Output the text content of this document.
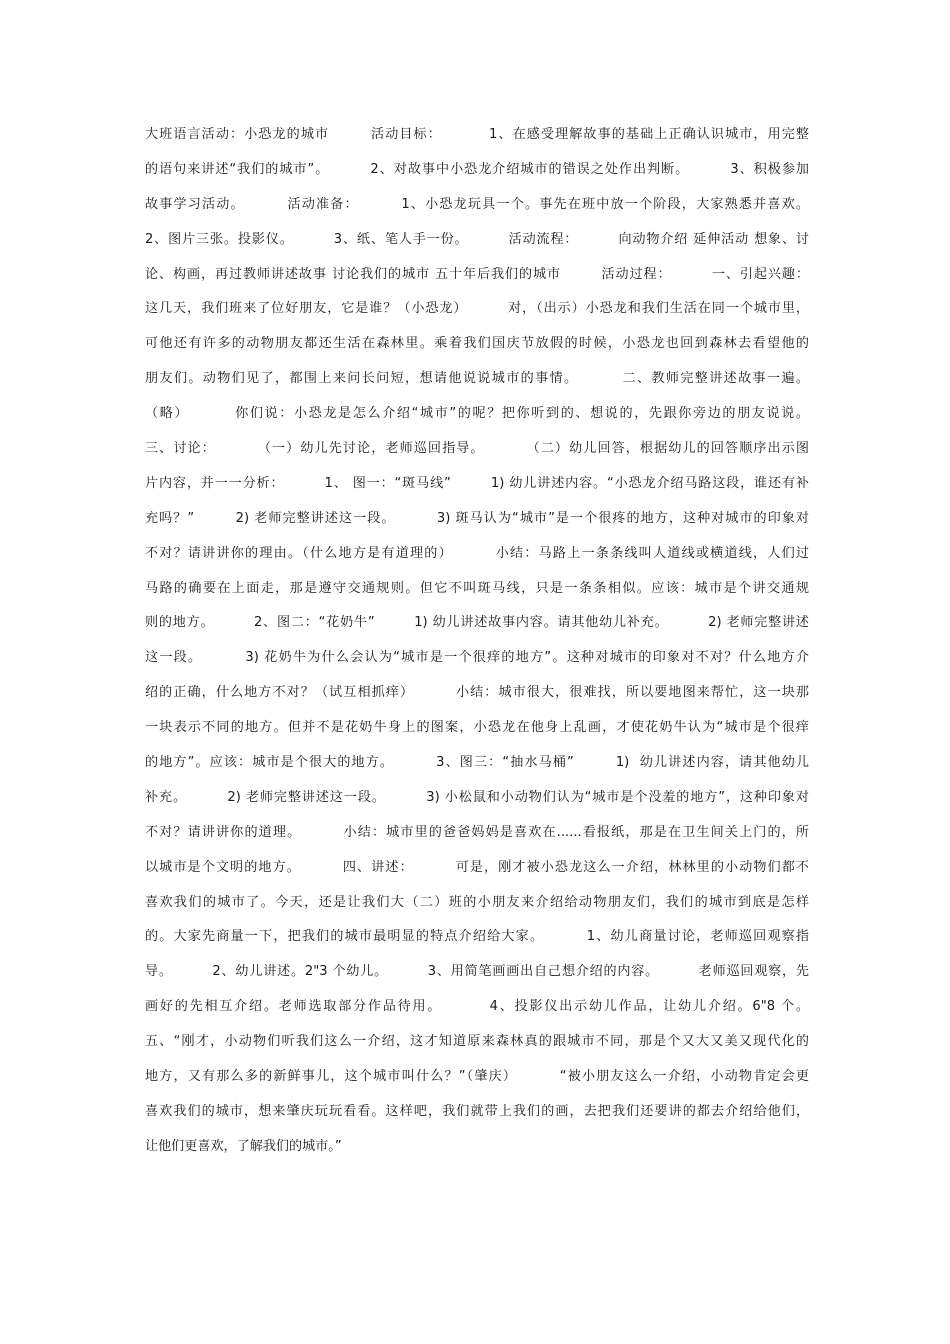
大班语言活动：小恐龙的城市        活动目标：         1、在感受理解故事的基础上正确认识城市，用完整
的语句来讲述“我们的城市”。        2、对故事中小恐龙介绍城市的错误之处作出判断。        3、积极参加
故事学习活动。        活动准备：        1、小恐龙玩具一个。事先在班中放一个阶段，大家熟悉并喜欢。
2、图片三张。投影仪。        3、纸、笔人手一份。        活动流程：        向动物介绍 延伸活动 想象、讨
论、构画，再过教师讲述故事 讨论我们的城市 五十年后我们的城市        活动过程：        一、引起兴趣：
这几天，我们班来了位好朋友，它是谁？（小恐龙）        对，（出示）小恐龙和我们生活在同一个城市里，
可他还有许多的动物朋友都还生活在森林里。乘着我们国庆节放假的时候，小恐龙也回到森林去看望他的
朋友们。动物们见了，都围上来问长问短，想请他说说城市的事情。        二、教师完整讲述故事一遍。
（略）        你们说：小恐龙是怎么介绍“城市”的呢？把你听到的、想说的，先跟你旁边的朋友说说。
三、讨论：        （一）幼儿先讨论，老师巡回指导。        （二）幼儿回答，根据幼儿的回答顺序出示图
片内容，并一一分析：        1、 图一：“斑马线”        1) 幼儿讲述内容。“小恐龙介绍马路这段，谁还有补
充吗？”        2) 老师完整讲述这一段。        3) 斑马认为“城市”是一个很疼的地方，这种对城市的印象对
不对？请讲讲你的理由。（什么地方是有道理的）        小结：马路上一条条线叫人道线或横道线，人们过
马路的确要在上面走，那是遵守交通规则。但它不叫斑马线，只是一条条相似。应该：城市是个讲交通规
则的地方。        2、图二：“花奶牛”        1) 幼儿讲述故事内容。请其他幼儿补充。        2) 老师完整讲述
这一段。        3) 花奶牛为什么会认为“城市是一个很痒的地方”。这种对城市的印象对不对？什么地方介
绍的正确，什么地方不对？（试互相抓痒）        小结：城市很大，很难找，所以要地图来帮忙，这一块那
一块表示不同的地方。但并不是花奶牛身上的图案，小恐龙在他身上乱画，才使花奶牛认为“城市是个很痒
的地方”。应该：城市是个很大的地方。        3、图三：“抽水马桶”        1)  幼儿讲述内容，请其他幼儿
补充。        2) 老师完整讲述这一段。        3) 小松鼠和小动物们认为“城市是个没羞的地方”，这种印象对
不对？请讲讲你的道理。        小结：城市里的爸爸妈妈是喜欢在......看报纸，那是在卫生间关上门的，所
以城市是个文明的地方。        四、讲述：        可是，刚才被小恐龙这么一介绍，林林里的小动物们都不
喜欢我们的城市了。今天，还是让我们大（二）班的小朋友来介绍给动物朋友们，我们的城市到底是怎样
的。大家先商量一下，把我们的城市最明显的特点介绍给大家。        1、幼儿商量讨论，老师巡回观察指
导。        2、幼儿讲述。2"3 个幼儿。        3、用简笔画画出自己想介绍的内容。        老师巡回观察，先
画好的先相互介绍。老师选取部分作品待用。        4、投影仪出示幼儿作品，让幼儿介绍。6"8 个。
五、“刚才，小动物们听我们这么一介绍，这才知道原来森林真的跟城市不同，那是个又大又美又现代化的
地方，又有那么多的新鲜事儿，这个城市叫什么？”（肇庆）        “被小朋友这么一介绍，小动物肯定会更
喜欢我们的城市，想来肇庆玩玩看看。这样吧，我们就带上我们的画，去把我们还要讲的都去介绍给他们，
让他们更喜欢，了解我们的城市。”
